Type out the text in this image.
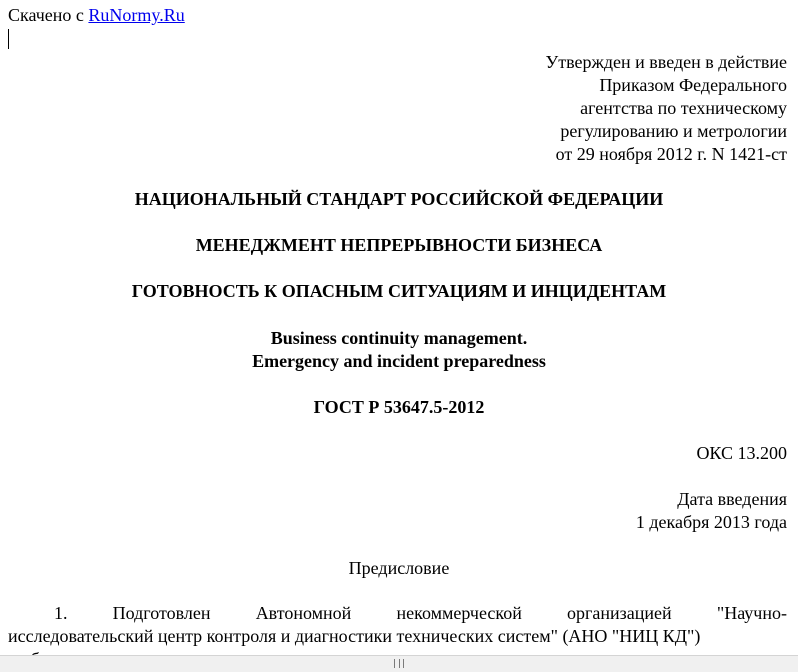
Скачено с RuNormy.Ru
Утвержден и введен в действие
Приказом Федерального
агентства по техническому
регулированию и метрологии
от 29 ноября 2012 г. N 1421-ст
НАЦИОНАЛЬНЫЙ СТАНДАРТ РОССИЙСКОЙ ФЕДЕРАЦИИ
МЕНЕДЖМЕНТ НЕПРЕРЫВНОСТИ БИЗНЕСА
ГОТОВНОСТЬ К ОПАСНЫМ СИТУАЦИЯМ И ИНЦИДЕНТАМ
Business continuity management.
Emergency and incident preparedness
ГОСТ Р 53647.5-2012
ОКС 13.200
Дата введения
1 декабря 2013 года
Предисловие
1.	Подготовлен	Автономной	некоммерческой	организацией	"Научно-
исследовательский центр контроля и диагностики технических систем" (АНО "НИЦ КД")
